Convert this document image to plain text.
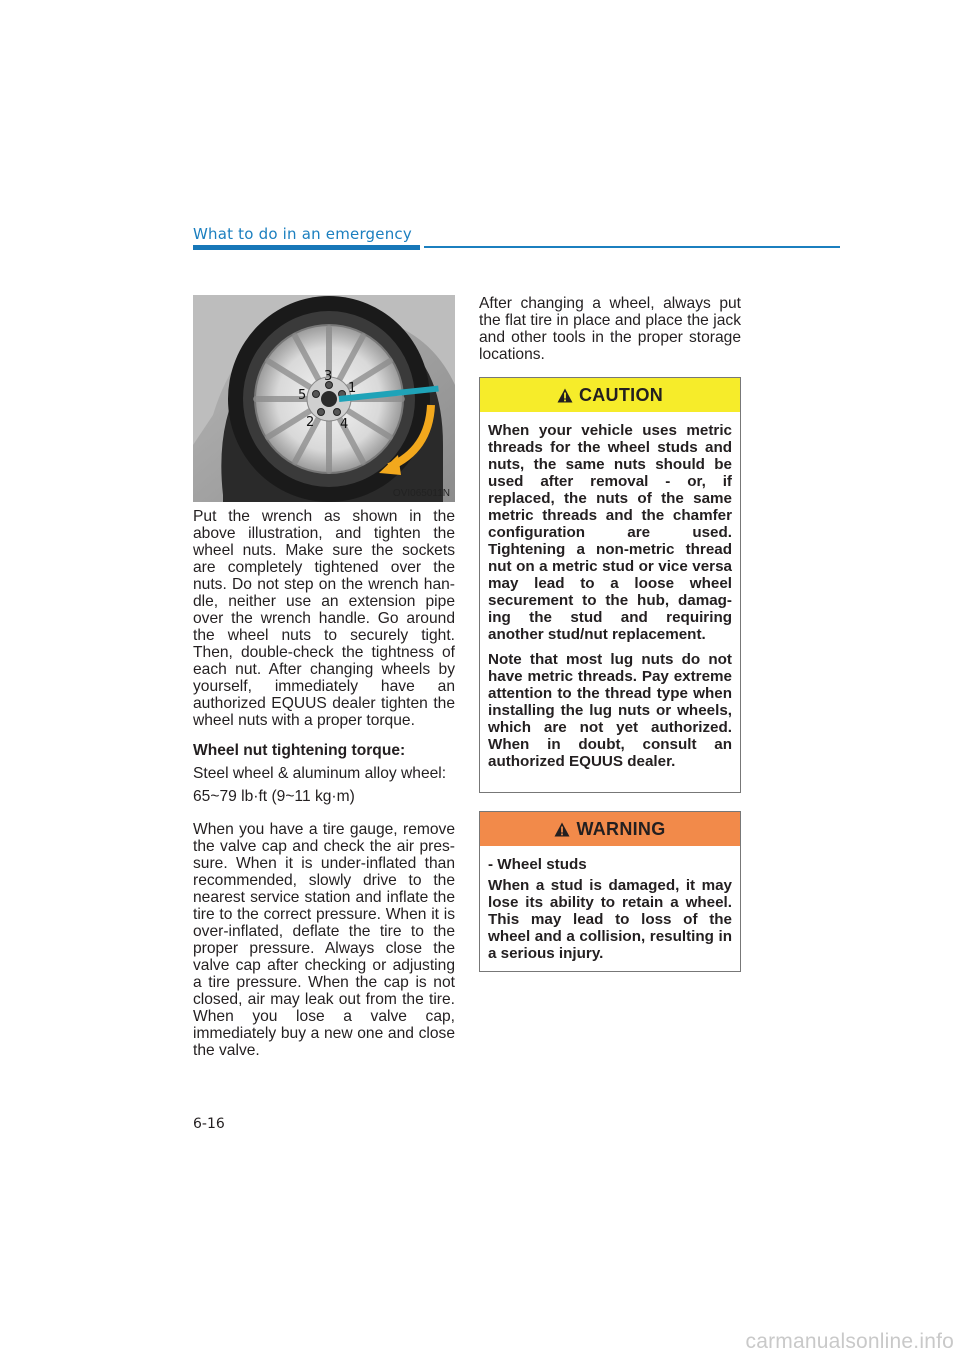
What to do in an emergency
3
1
5
4
2
OVI065011N

Put the wrench as shown in the above illustration, and tighten the wheel nuts. Make sure the sockets are completely tightened over the nuts. Do not step on the wrench han-dle, neither use an extension pipe over the wrench handle. Go around the wheel nuts to securely tight. Then, double-check the tightness of each nut. After changing wheels by yourself, immediately have an authorized EQUUS dealer tighten the wheel nuts with a proper torque.

Wheel nut tightening torque:

Steel wheel & aluminum alloy wheel:

65~79 lb·ft (9~11 kg·m)

When you have a tire gauge, remove the valve cap and check the air pres-sure. When it is under-inflated than recommended, slowly drive to the nearest service station and inflate the tire to the correct pressure. When it is over-inflated, deflate the tire to the proper pressure. Always close the valve cap after checking or adjusting a tire pressure. When the cap is not closed, air may leak out from the tire. When you lose a valve cap, immediately buy a new one and close the valve.

After changing a wheel, always put the flat tire in place and place the jack and other tools in the proper storage locations.

CAUTION

When your vehicle uses metric threads for the wheel studs and nuts, the same nuts should be used after removal - or, if replaced, the nuts of the same metric threads and the chamfer configuration are used. Tightening a non-metric thread nut on a metric stud or vice versa may lead to a loose wheel securement to the hub, damag-ing the stud and requiring another stud/nut replacement.

Note that most lug nuts do not have metric threads. Pay extreme attention to the thread type when installing the lug nuts or wheels, which are not yet authorized. When in doubt, consult an authorized EQUUS dealer.

WARNING

- Wheel studs

When a stud is damaged, it may lose its ability to retain a wheel. This may lead to loss of the wheel and a collision, resulting in a serious injury.

6-16
carmanualsonline.info
